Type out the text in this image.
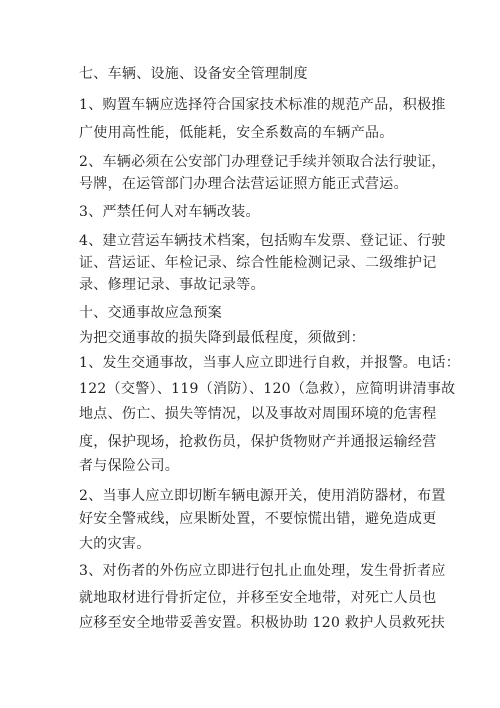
七、车辆、设施、设备安全管理制度
1、购置车辆应选择符合国家技术标准的规范产品，积极推
广使用高性能，低能耗，安全系数高的车辆产品。
2、车辆必须在公安部门办理登记手续并领取合法行驶证，
号牌，在运管部门办理合法营运证照方能正式营运。
3、严禁任何人对车辆改装。
4、建立营运车辆技术档案，包括购车发票、登记证、行驶
证、营运证、年检记录、综合性能检测记录、二级维护记
录、修理记录、事故记录等。
十、交通事故应急预案
为把交通事故的损失降到最低程度，须做到：
1、发生交通事故，当事人应立即进行自救，并报警。电话：
122（交警）、119（消防）、120（急救），应简明讲清事故
地点、伤亡、损失等情况，以及事故对周围环境的危害程
度，保护现场，抢救伤员，保护货物财产并通报运输经营
者与保险公司。
2、当事人应立即切断车辆电源开关，使用消防器材，布置
好安全警戒线，应果断处置，不要惊慌出错，避免造成更
大的灾害。
3、对伤者的外伤应立即进行包扎止血处理，发生骨折者应
就地取材进行骨折定位，并移至安全地带，对死亡人员也
应移至安全地带妥善安置。积极协助 120 救护人员救死扶
